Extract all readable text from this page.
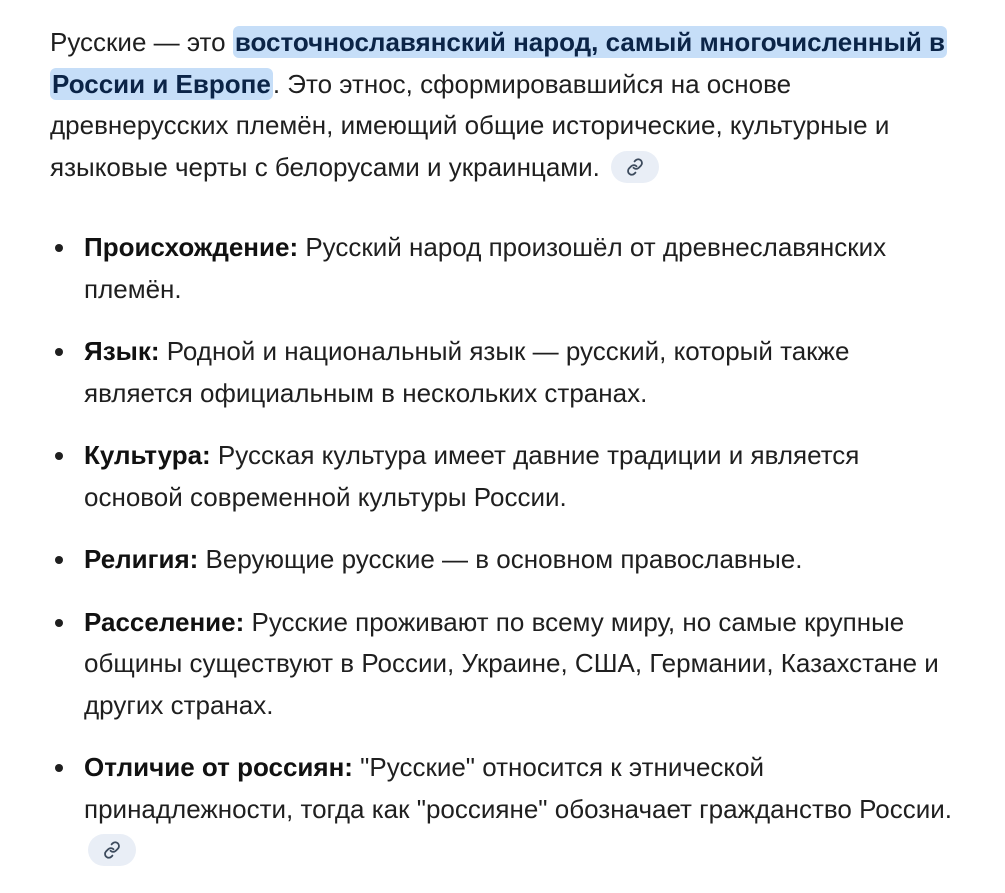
Русские — это восточнославянский народ, самый многочисленный в России и Европе. Это этнос, сформировавшийся на основе древнерусских племён, имеющий общие исторические, культурные и языковые черты с белорусами и украинцами.

Происхождение: Русский народ произошёл от древнеславянских племён.
Язык: Родной и национальный язык — русский, который также является официальным в нескольких странах.
Культура: Русская культура имеет давние традиции и является основой современной культуры России.
Религия: Верующие русские — в основном православные.
Расселение: Русские проживают по всему миру, но самые крупные общины существуют в России, Украине, США, Германии, Казахстане и других странах.
Отличие от россиян: "Русские" относится к этнической принадлежности, тогда как "россияне" обозначает гражданство России.
